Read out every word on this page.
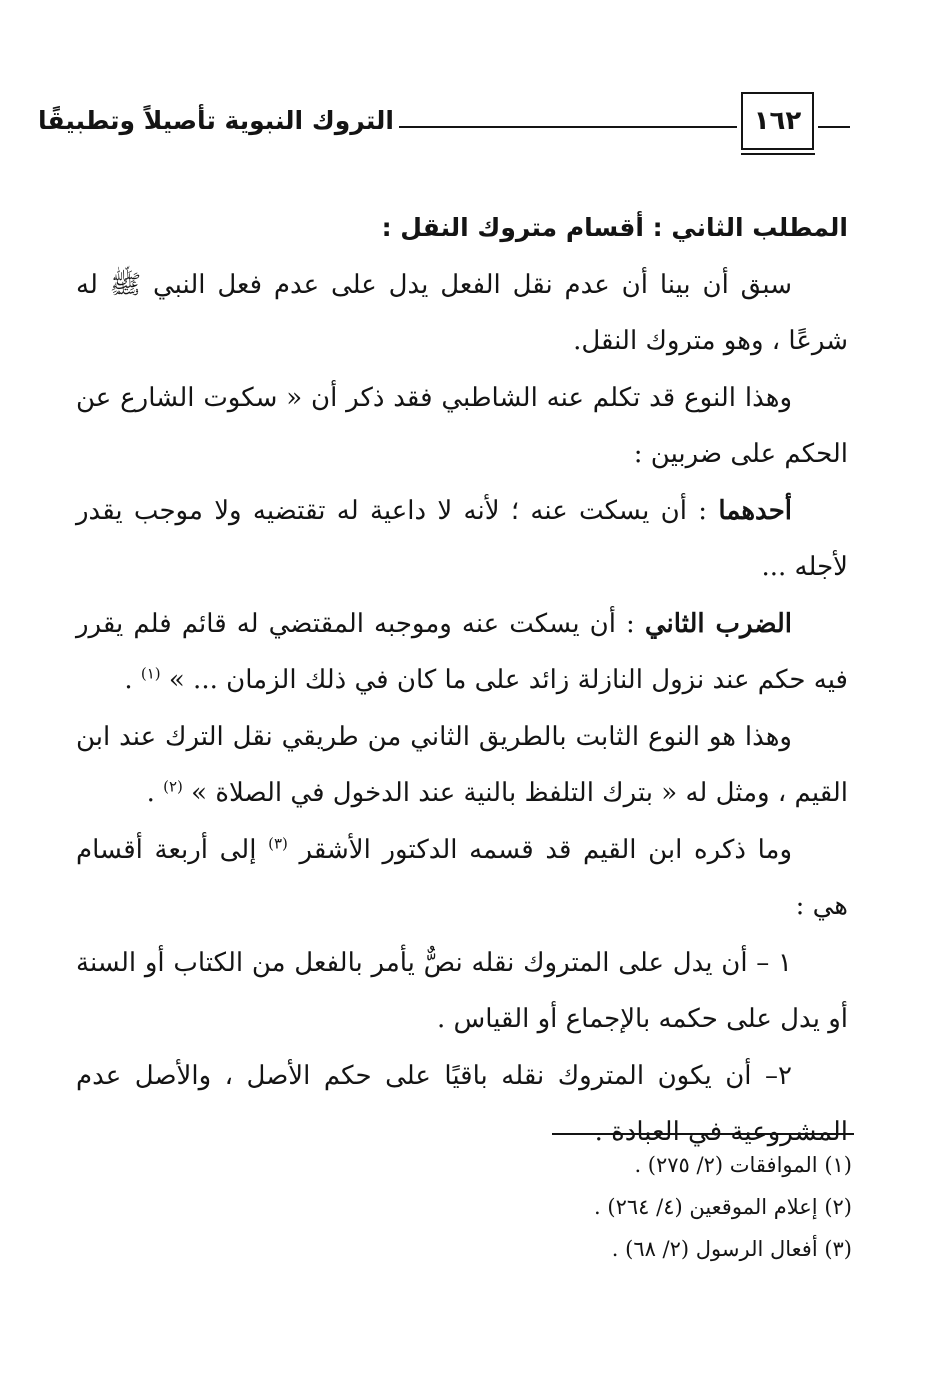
التروك النبوية تأصيلاً وتطبيقًا	١٦٢

المطلب الثاني : أقسام متروك النقل :

سبق أن بينا أن عدم نقل الفعل يدل على عدم فعل النبي ﷺ له شرعًا ، وهو متروك النقل.

وهذا النوع قد تكلم عنه الشاطبي فقد ذكر أن « سكوت الشارع عن الحكم على ضربين :

أحدهما : أن يسكت عنه ؛ لأنه لا داعية له تقتضيه ولا موجب يقدر لأجله ...

الضرب الثاني : أن يسكت عنه وموجبه المقتضي له قائم فلم يقرر فيه حكم عند نزول النازلة زائد على ما كان في ذلك الزمان ... » $^{(١)}$ .

وهذا هو النوع الثابت بالطريق الثاني من طريقي نقل الترك عند ابن القيم ، ومثل له « بترك التلفظ بالنية عند الدخول في الصلاة » $^{(٢)}$ .

وما ذكره ابن القيم قد قسمه الدكتور الأشقر $^{(٣)}$ إلى أربعة أقسام هي :

١ – أن يدل على المتروك نقله نصٌّ يأمر بالفعل من الكتاب أو السنة أو يدل على حكمه بالإجماع أو القياس .

٢– أن يكون المتروك نقله باقيًا على حكم الأصل ، والأصل عدم المشروعية في العبادة .

(١) الموافقات (٢/ ٢٧٥) .
(٢) إعلام الموقعين (٤/ ٢٦٤) .
(٣) أفعال الرسول (٢/ ٦٨) .
